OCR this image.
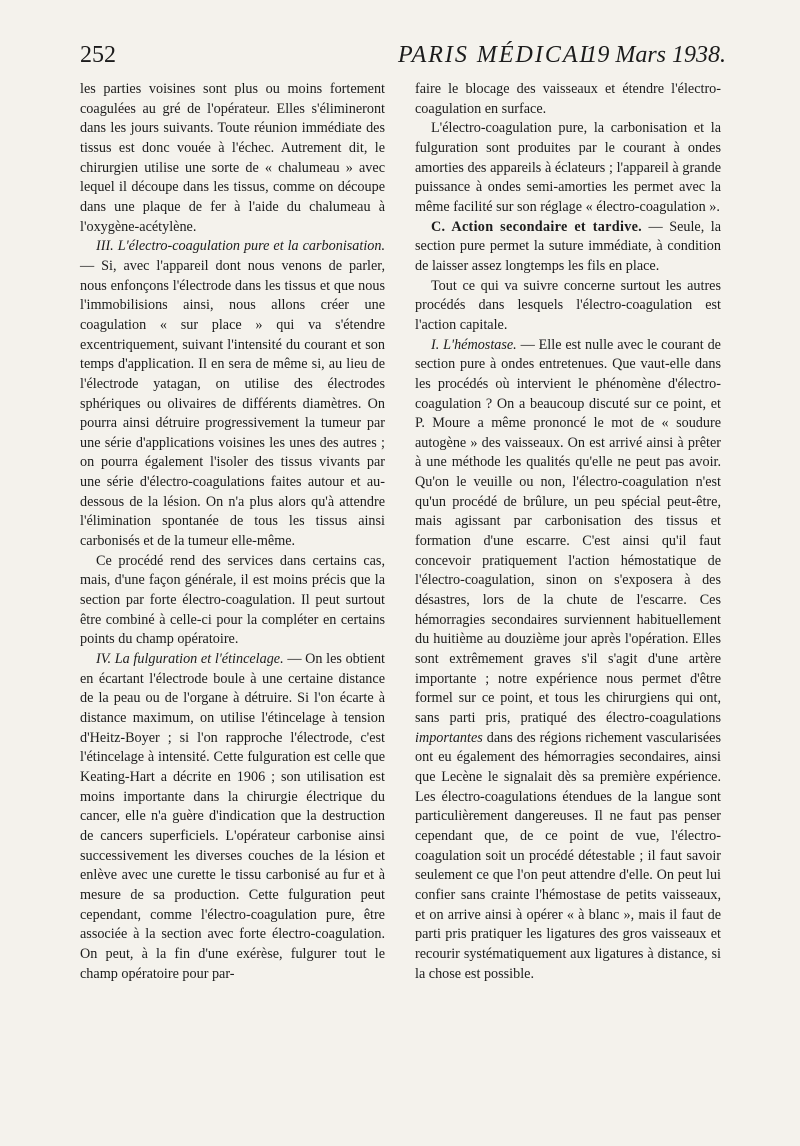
252	PARIS MÉDICAL
19 Mars 1938.

les parties voisines sont plus ou moins fortement coagulées au gré de l'opérateur. Elles s'élimineront dans les jours suivants. Toute réunion immédiate des tissus est donc vouée à l'échec. Autrement dit, le chirurgien utilise une sorte de « chalumeau » avec lequel il découpe dans les tissus, comme on découpe dans une plaque de fer à l'aide du chalumeau à l'oxygène-acétylène.

III. L'électro-coagulation pure et la carbonisation. — Si, avec l'appareil dont nous venons de parler, nous enfonçons l'électrode dans les tissus et que nous l'immobilisions ainsi, nous allons créer une coagulation « sur place » qui va s'étendre excentriquement, suivant l'intensité du courant et son temps d'application. Il en sera de même si, au lieu de l'électrode yatagan, on utilise des électrodes sphériques ou olivaires de différents diamètres. On pourra ainsi détruire progressivement la tumeur par une série d'applications voisines les unes des autres ; on pourra également l'isoler des tissus vivants par une série d'électro-coagulations faites autour et au-dessous de la lésion. On n'a plus alors qu'à attendre l'élimination spontanée de tous les tissus ainsi carbonisés et de la tumeur elle-même.

Ce procédé rend des services dans certains cas, mais, d'une façon générale, il est moins précis que la section par forte électro-coagulation. Il peut surtout être combiné à celle-ci pour la compléter en certains points du champ opératoire.

IV. La fulguration et l'étincelage. — On les obtient en écartant l'électrode boule à une certaine distance de la peau ou de l'organe à détruire. Si l'on écarte à distance maximum, on utilise l'étincelage à tension d'Heitz-Boyer ; si l'on rapproche l'électrode, c'est l'étincelage à intensité. Cette fulguration est celle que Keating-Hart a décrite en 1906 ; son utilisation est moins importante dans la chirurgie électrique du cancer, elle n'a guère d'indication que la destruction de cancers superficiels. L'opérateur carbonise ainsi successivement les diverses couches de la lésion et enlève avec une curette le tissu carbonisé au fur et à mesure de sa production. Cette fulguration peut cependant, comme l'électro-coagulation pure, être associée à la section avec forte électro-coagulation. On peut, à la fin d'une exérèse, fulgurer tout le champ opératoire pour par-

faire le blocage des vaisseaux et étendre l'électro-coagulation en surface.

L'électro-coagulation pure, la carbonisation et la fulguration sont produites par le courant à ondes amorties des appareils à éclateurs ; l'appareil à grande puissance à ondes semi-amorties les permet avec la même facilité sur son réglage « électro-coagulation ».

C. Action secondaire et tardive. — Seule, la section pure permet la suture immédiate, à condition de laisser assez longtemps les fils en place.

Tout ce qui va suivre concerne surtout les autres procédés dans lesquels l'électro-coagulation est l'action capitale.

I. L'hémostase. — Elle est nulle avec le courant de section pure à ondes entretenues. Que vaut-elle dans les procédés où intervient le phénomène d'électro-coagulation ? On a beaucoup discuté sur ce point, et P. Moure a même prononcé le mot de « soudure autogène » des vaisseaux. On est arrivé ainsi à prêter à une méthode les qualités qu'elle ne peut pas avoir. Qu'on le veuille ou non, l'électro-coagulation n'est qu'un procédé de brûlure, un peu spécial peut-être, mais agissant par carbonisation des tissus et formation d'une escarre. C'est ainsi qu'il faut concevoir pratiquement l'action hémostatique de l'électro-coagulation, sinon on s'exposera à des désastres, lors de la chute de l'escarre. Ces hémorragies secondaires surviennent habituellement du huitième au douzième jour après l'opération. Elles sont extrêmement graves s'il s'agit d'une artère importante ; notre expérience nous permet d'être formel sur ce point, et tous les chirurgiens qui ont, sans parti pris, pratiqué des électro-coagulations importantes dans des régions richement vascularisées ont eu également des hémorragies secondaires, ainsi que Lecène le signalait dès sa première expérience. Les électro-coagulations étendues de la langue sont particulièrement dangereuses. Il ne faut pas penser cependant que, de ce point de vue, l'électro-coagulation soit un procédé détestable ; il faut savoir seulement ce que l'on peut attendre d'elle. On peut lui confier sans crainte l'hémostase de petits vaisseaux, et on arrive ainsi à opérer « à blanc », mais il faut de parti pris pratiquer les ligatures des gros vaisseaux et recourir systématiquement aux ligatures à distance, si la chose est possible.
